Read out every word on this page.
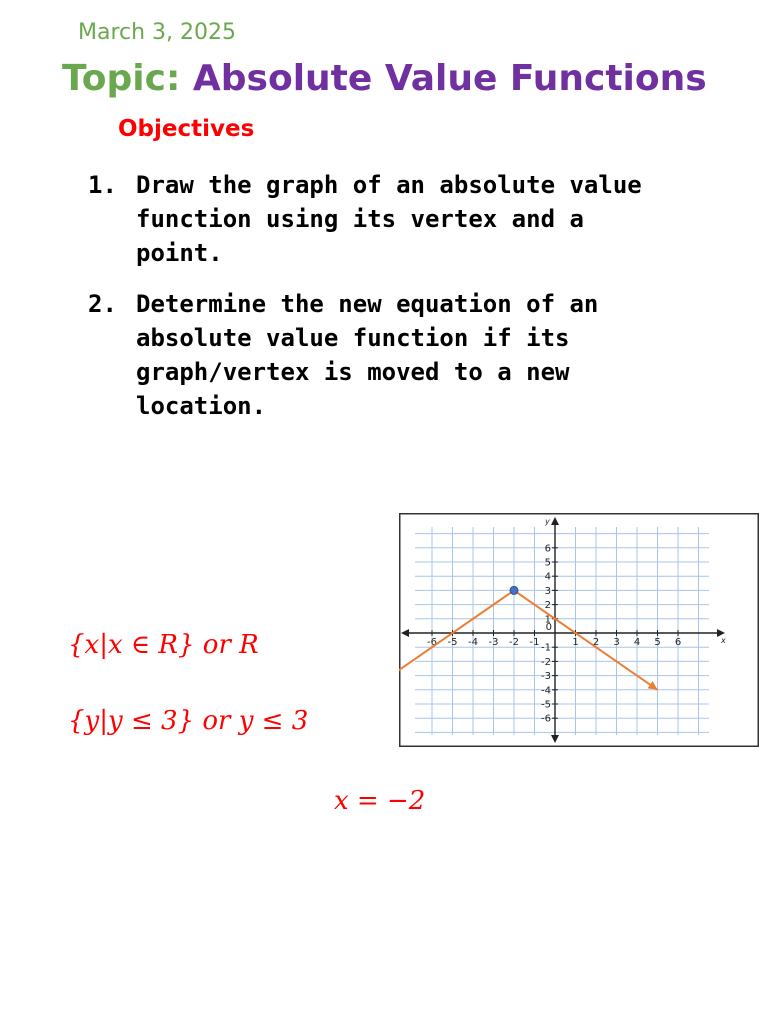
March 3, 2025
Topic: Absolute Value Functions
Objectives
1. Draw the graph of an absolute value function using its vertex and a point.
2. Determine the new equation of an absolute value function if its graph/vertex is moved to a new location.
{x|x ∈ R} or R
{y|y ≤ 3} or y ≤ 3
x = −2
x
y
-6 -5 -4 -3 -2 -1	1 2 3 4 5 6
6
5
4
3
2
1
-1
-2
-3
-4
-5
-6
0
